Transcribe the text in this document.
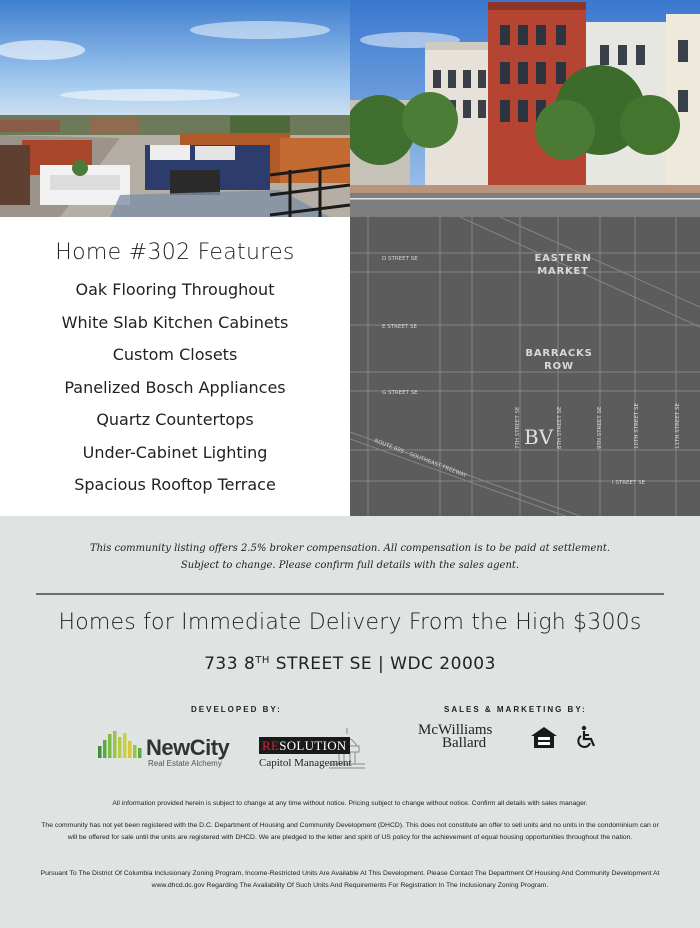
Home #302 Features
Oak Flooring Throughout
White Slab Kitchen Cabinets
Custom Closets
Panelized Bosch Appliances
Quartz Countertops
Under-Cabinet Lighting
Spacious Rooftop Terrace
D STREET SE
E STREET SE
G STREET SE
I STREET SE
7TH STREET SE	8TH STREET SE	9TH STREET SE	10TH STREET SE	11TH STREET SE
ROUTE 695 – SOUTHEAST FREEWAY
EASTERN
MARKET
BARRACKS
ROW
BV
This community listing offers 2.5% broker compensation. All compensation is to be paid at settlement.
Subject to change. Please confirm full details with the sales agent.
Homes for Immediate Delivery From the High $300s
733 8TH STREET SE | WDC 20003
DEVELOPED BY:	SALES & MARKETING BY:
NewCity
Real Estate Alchemy
RESOLUTION
Capitol Management
McWilliams
Ballard
All information provided herein is subject to change at any time without notice. Pricing subject to change without notice. Confirm all details with sales manager.
The community has not yet been registered with the D.C. Department of Housing and Community Development (DHCD). This does not constitute an offer to sell units and no units in the condominium can or will be offered for sale until the units are registered with DHCD. We are pledged to the letter and spirit of US policy for the achievement of equal housing opportunities throughout the nation.
Pursuant To The District Of Columbia Inclusionary Zoning Program, Income-Restricted Units Are Available At This Development. Please Contact The Department Of Housing And Community Development At www.dhcd.dc.gov Regarding The Availability Of Such Units And Requirements For Registration In The Inclusionary Zoning Program.
